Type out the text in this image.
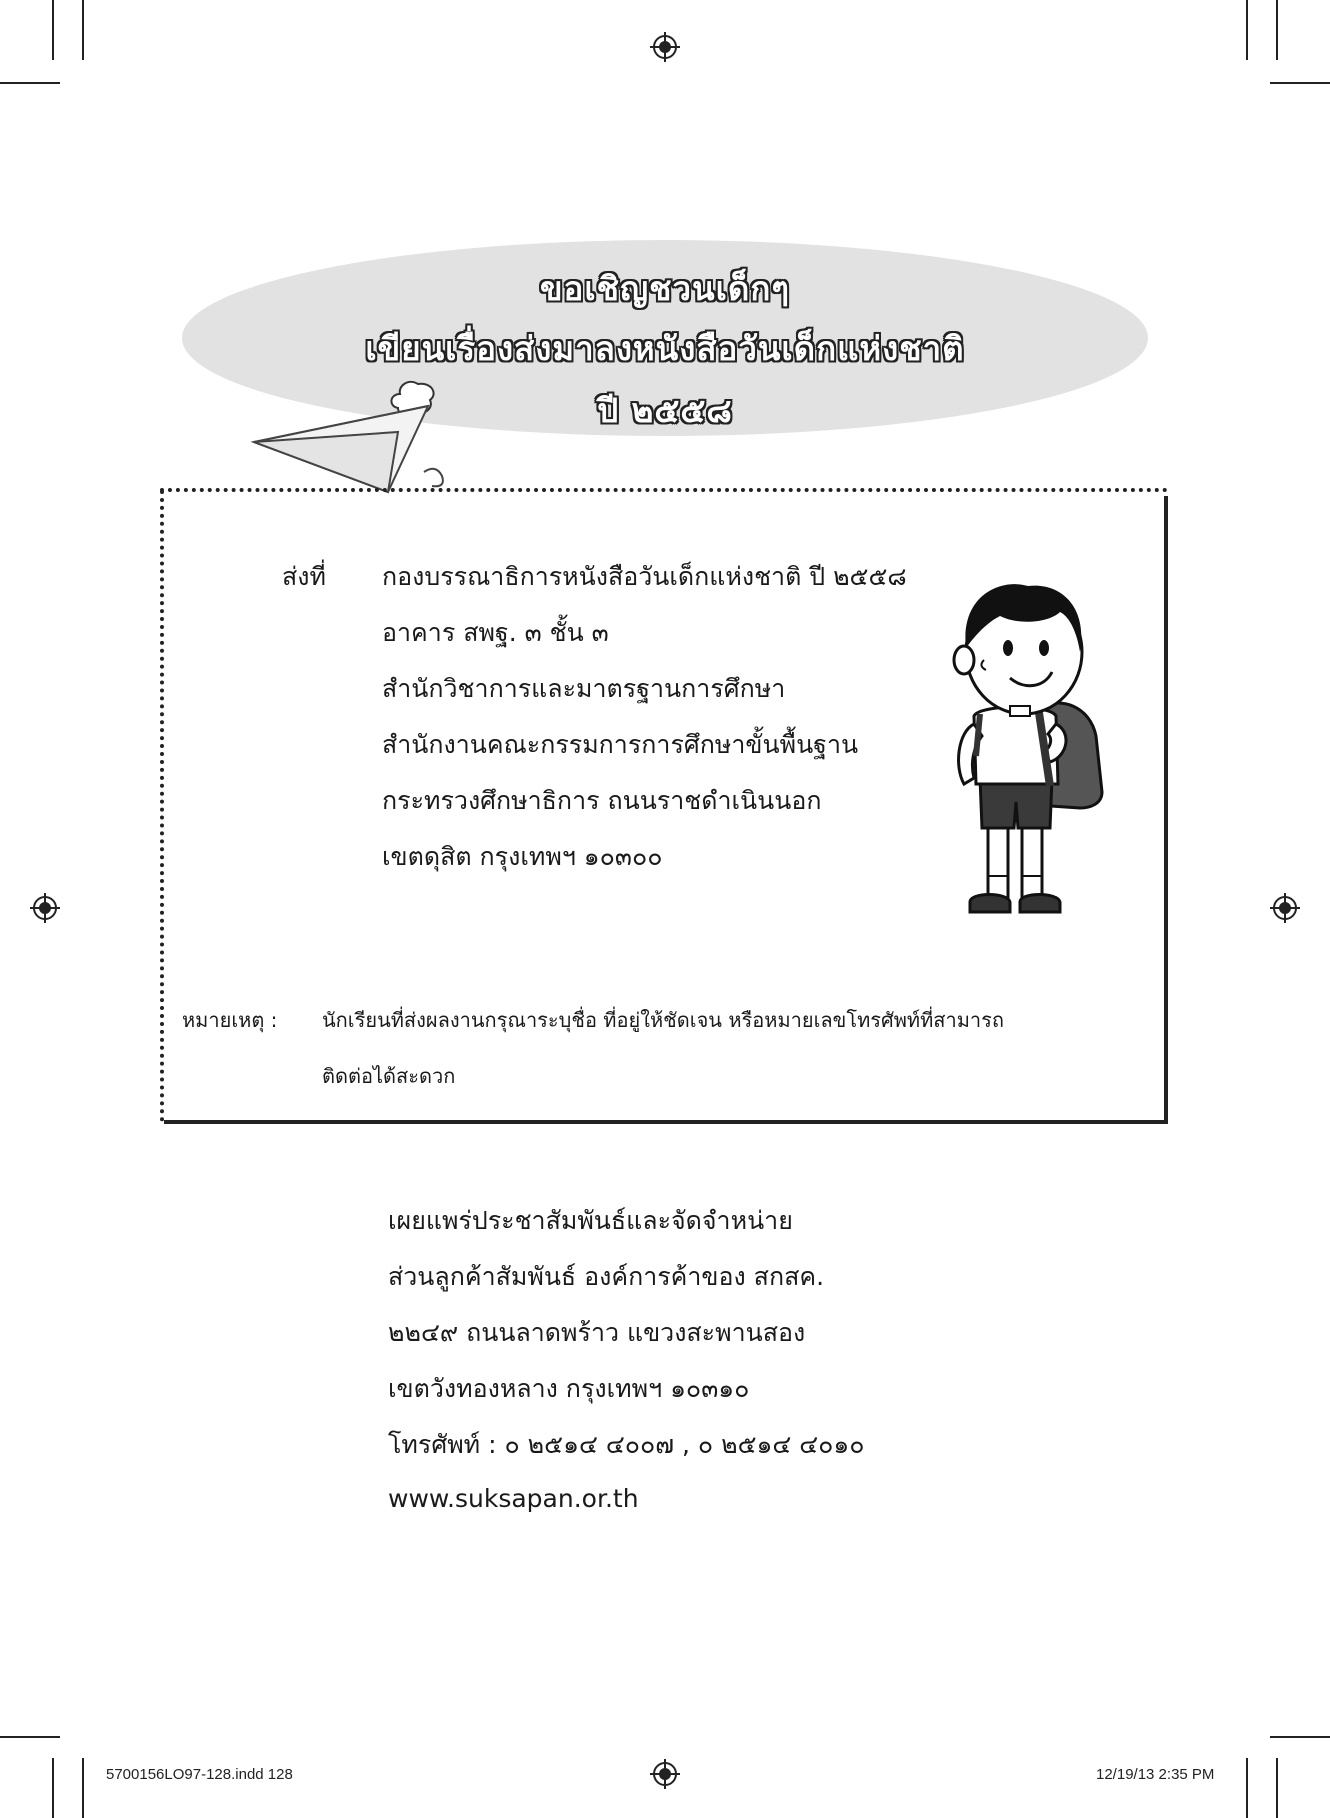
ขอเชิญชวนเด็กๆ
เขียนเรื่องส่งมาลงหนังสือวันเด็กแห่งชาติ
ปี ๒๕๕๘
ส่งที่ กองบรรณาธิการหนังสือวันเด็กแห่งชาติ ปี ๒๕๕๘
อาคาร สพฐ. ๓ ชั้น ๓
สำนักวิชาการและมาตรฐานการศึกษา
สำนักงานคณะกรรมการการศึกษาขั้นพื้นฐาน
กระทรวงศึกษาธิการ ถนนราชดำเนินนอก
เขตดุสิต กรุงเทพฯ ๑๐๓๐๐
หมายเหตุ : นักเรียนที่ส่งผลงานกรุณาระบุชื่อ ที่อยู่ให้ชัดเจน หรือหมายเลขโทรศัพท์ที่สามารถ
ติดต่อได้สะดวก
เผยแพร่ประชาสัมพันธ์และจัดจำหน่าย
ส่วนลูกค้าสัมพันธ์ องค์การค้าของ สกสค.
๒๒๔๙ ถนนลาดพร้าว แขวงสะพานสอง
เขตวังทองหลาง กรุงเทพฯ ๑๐๓๑๐
โทรศัพท์ : ๐ ๒๕๑๔ ๔๐๐๗ , ๐ ๒๕๑๔ ๔๐๑๐
www.suksapan.or.th
5700156LO97-128.indd 128	12/19/13 2:35 PM
